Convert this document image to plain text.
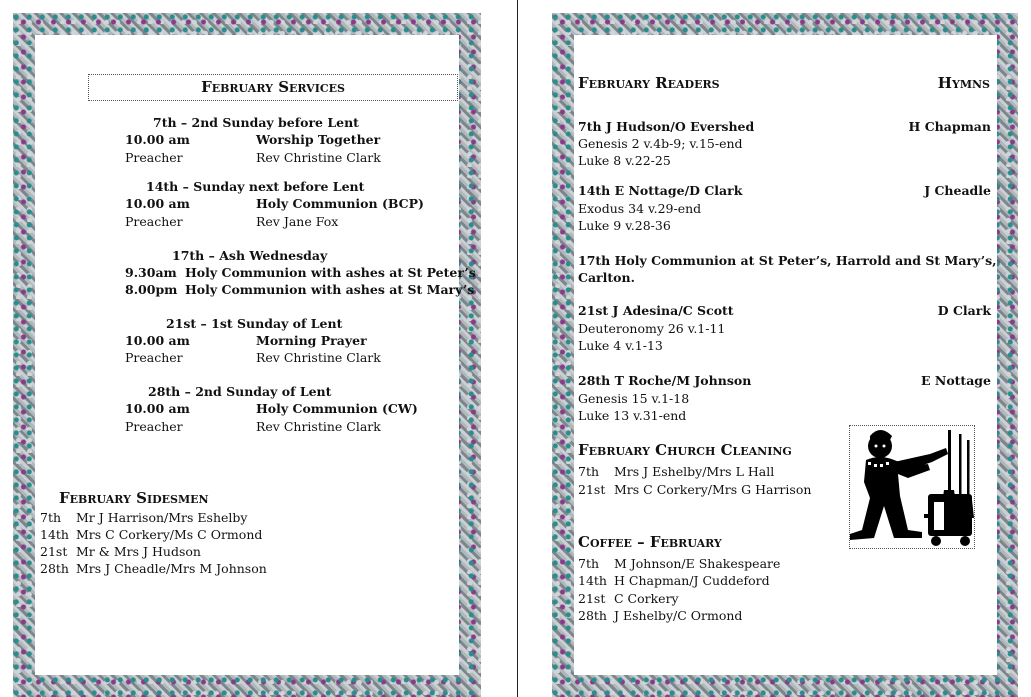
February Services
7th – 2nd Sunday before Lent
10.00 am	Worship Together
Preacher	Rev Christine Clark
14th – Sunday next before Lent
10.00 am	Holy Communion (BCP)
Preacher	Rev Jane Fox
17th – Ash Wednesday
9.30am Holy Communion with ashes at St Peter’s
8.00pm Holy Communion with ashes at St Mary’s
21st – 1st Sunday of Lent
10.00 am	Morning Prayer
Preacher	Rev Christine Clark
28th – 2nd Sunday of Lent
10.00 am	Holy Communion (CW)
Preacher	Rev Christine Clark
February Sidesmen
7th Mr J Harrison/Mrs Eshelby
14th Mrs C Corkery/Ms C Ormond
21st Mr & Mrs J Hudson
28th Mrs J Cheadle/Mrs M Johnson
February Readers	Hymns
7th J Hudson/O Evershed	H Chapman
Genesis 2 v.4b-9; v.15-end
Luke 8 v.22-25
14th E Nottage/D Clark	J Cheadle
Exodus 34 v.29-end
Luke 9 v.28-36
17th Holy Communion at St Peter’s, Harrold and St Mary’s,
Carlton.
21st J Adesina/C Scott	D Clark
Deuteronomy 26 v.1-11
Luke 4 v.1-13
28th T Roche/M Johnson	E Nottage
Genesis 15 v.1-18
Luke 13 v.31-end
February Church Cleaning
7th Mrs J Eshelby/Mrs L Hall
21st Mrs C Corkery/Mrs G Harrison
Coffee – February
7th M Johnson/E Shakespeare
14th H Chapman/J Cuddeford
21st C Corkery
28th J Eshelby/C Ormond
